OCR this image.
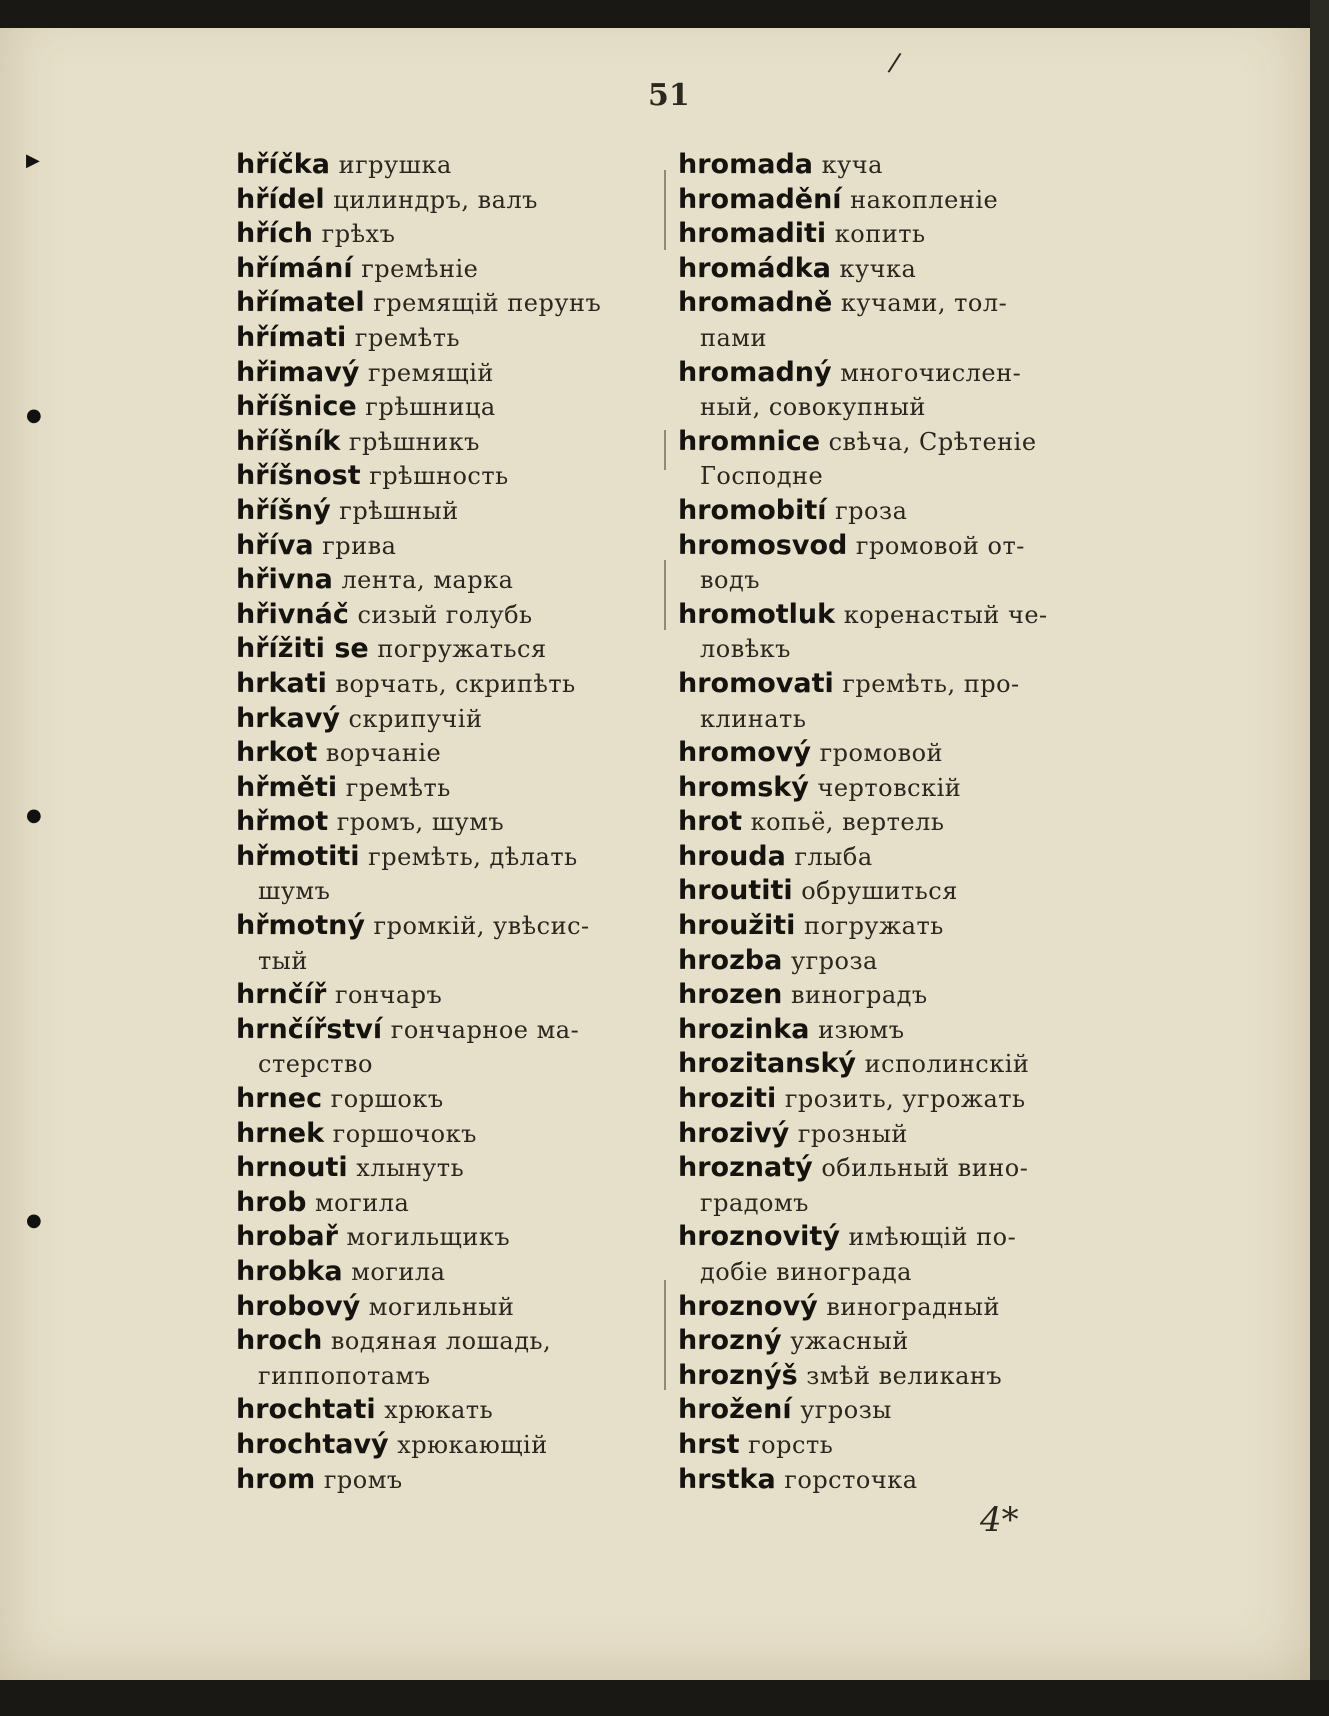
/
51
▶
●
●
●
hříčka игрушка
hřídel цилиндръ, валъ
hřích грѣхъ
hřímání гремѣніе
hřímatel гремящій перунъ
hřímati гремѣть
hřimavý гремящій
hříšnice грѣшница
hříšník грѣшникъ
hříšnost грѣшность
hříšný грѣшный
hříva грива
hřivna лента, марка
hřivnáč сизый голубь
hřížiti se погружаться
hrkati ворчать, скрипѣть
hrkavý скрипучій
hrkot ворчаніе
hřměti гремѣть
hřmot громъ, шумъ
hřmotiti гремѣть, дѣлать
шумъ
hřmotný громкій, увѣсис-
тый
hrnčíř гончаръ
hrnčířství гончарное ма-
стерство
hrnec горшокъ
hrnek горшочокъ
hrnouti хлынуть
hrob могила
hrobař могильщикъ
hrobka могила
hrobový могильный
hroch водяная лошадь,
гиппопотамъ
hrochtati хрюкать
hrochtavý хрюкающій
hrom громъ
hromada куча
hromadění накопленіе
hromaditi копить
hromádka кучка
hromadně кучами, тол-
пами
hromadný многочислен-
ный, совокупный
hromnice свѣча, Срѣтеніе
Господне
hromobití гроза
hromosvod громовой от-
водъ
hromotluk коренастый че-
ловѣкъ
hromovati гремѣть, про-
клинать
hromový громовой
hromský чертовскій
hrot копьё, вертель
hrouda глыба
hroutiti обрушиться
hroužiti погружать
hrozba угроза
hrozen виноградъ
hrozinka изюмъ
hrozitanský исполинскій
hroziti грозить, угрожать
hrozivý грозный
hroznatý обильный вино-
градомъ
hroznovitý имѣющій по-
добіе винограда
hroznový виноградный
hrozný ужасный
hroznýš змѣй великанъ
hrožení угрозы
hrst горсть
hrstka горсточка
4*
